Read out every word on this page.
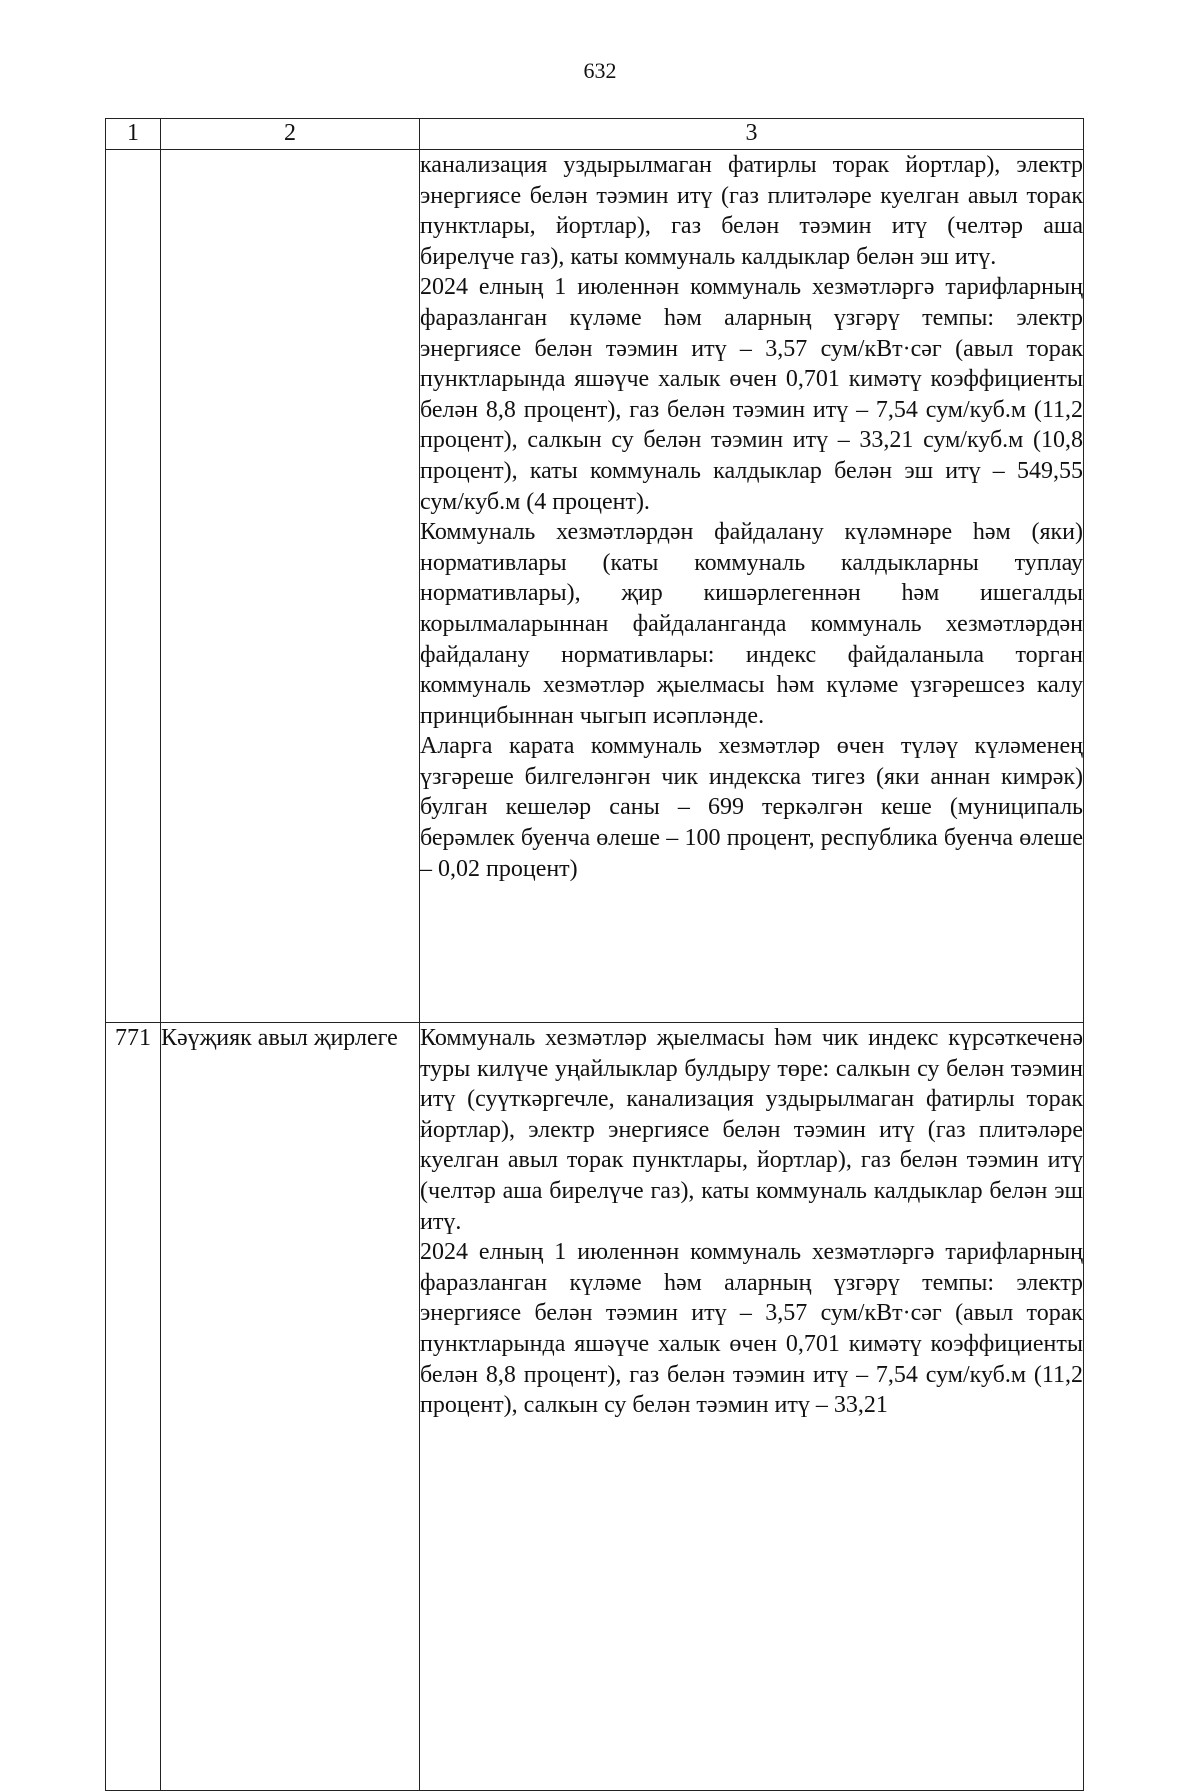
632
1	2	3

		канализация уздырылмаган фатирлы торак йортлар), электр энергиясе белән тәэмин итү (газ плитәләре куелган авыл торак пунктлары, йортлар), газ белән тәэмин итү (челтәр аша бирелүче газ), каты коммуналь калдыклар белән эш итү.

2024 елның 1 июленнән коммуналь хезмәтләргә тарифларның фаразланган күләме һәм аларның үзгәрү темпы: электр энергиясе белән тәэмин итү – 3,57 сум/кВт·сәг (авыл торак пунктларында яшәүче халык өчен 0,701 кимәтү коэффициенты белән 8,8 процент), газ белән тәэмин итү – 7,54 сум/куб.м (11,2 процент), салкын су белән тәэмин итү – 33,21 сум/куб.м (10,8 процент), каты коммуналь калдыклар белән эш итү – 549,55 сум/куб.м (4 процент).

Коммуналь хезмәтләрдән файдалану күләмнәре һәм (яки) нормативлары (каты коммуналь калдыкларны туплау нормативлары), җир кишәрлегеннән һәм ишегалды корылмаларыннан файдаланганда коммуналь хезмәтләрдән файдалану нормативлары: индекс файдаланыла торган коммуналь хезмәтләр җыелмасы һәм күләме үзгәрешсез калу принцибыннан чыгып исәпләнде.

Аларга карата коммуналь хезмәтләр өчен түләү күләменең үзгәреше билгеләнгән чик индекска тигез (яки аннан кимрәк) булган кешеләр саны – 699 теркәлгән кеше (муниципаль берәмлек буенча өлеше – 100 процент, республика буенча өлеше – 0,02 процент)

771	Кәүҗияк авыл җирлеге	Коммуналь хезмәтләр җыелмасы һәм чик индекс күрсәткеченә туры килүче уңайлыклар булдыру төре: салкын су белән тәэмин итү (суүткәргечле, канализация уздырылмаган фатирлы торак йортлар), электр энергиясе белән тәэмин итү (газ плитәләре куелган авыл торак пунктлары, йортлар), газ белән тәэмин итү (челтәр аша бирелүче газ), каты коммуналь калдыклар белән эш итү.

2024 елның 1 июленнән коммуналь хезмәтләргә тарифларның фаразланган күләме һәм аларның үзгәрү темпы: электр энергиясе белән тәэмин итү – 3,57 сум/кВт·сәг (авыл торак пунктларында яшәүче халык өчен 0,701 кимәтү коэффициенты белән 8,8 процент), газ белән тәэмин итү – 7,54 сум/куб.м (11,2 процент), салкын су белән тәэмин итү – 33,21
